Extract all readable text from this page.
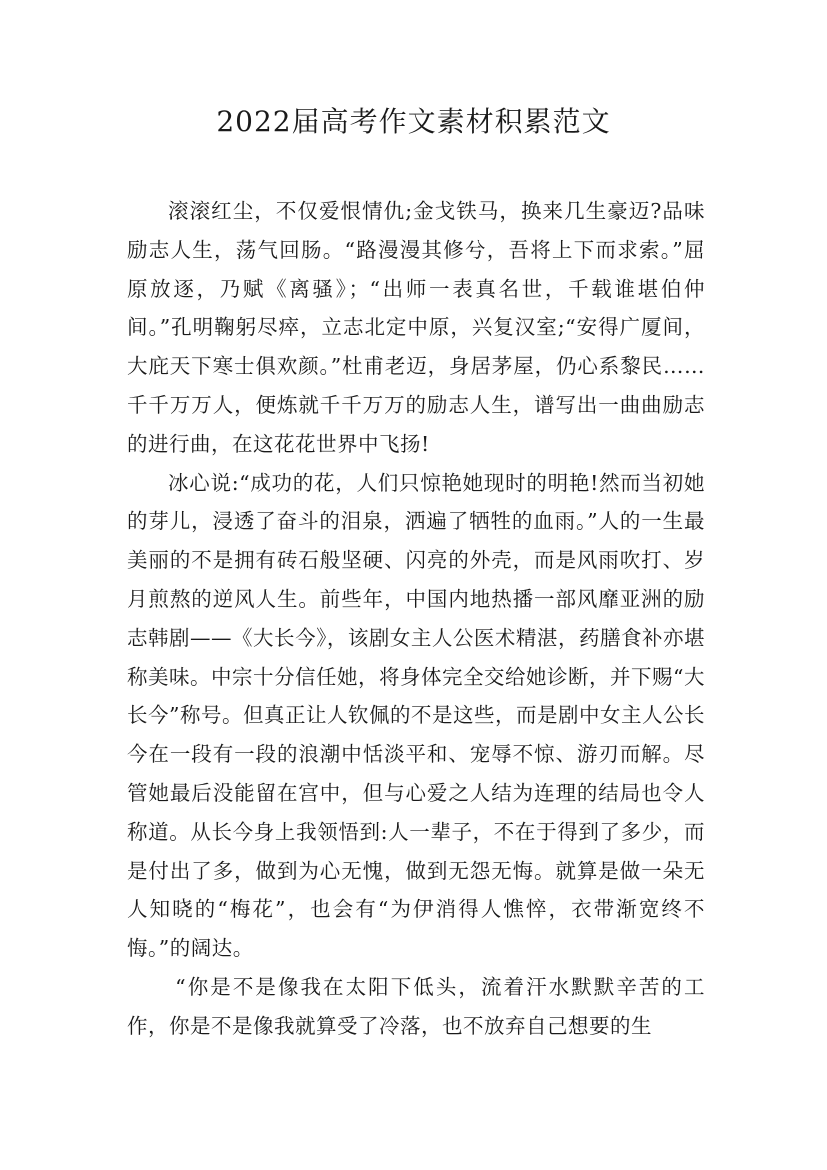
2022届高考作文素材积累范文

滚滚红尘，不仅爱恨情仇;金戈铁马，换来几生豪迈?品味励志人生，荡气回肠。“路漫漫其修兮，吾将上下而求索。”屈原放逐，乃赋《离骚》；“出师一表真名世，千载谁堪伯仲间。”孔明鞠躬尽瘁，立志北定中原，兴复汉室;“安得广厦间，大庇天下寒士俱欢颜。”杜甫老迈，身居茅屋，仍心系黎民……千千万万人，便炼就千千万万的励志人生，谱写出一曲曲励志的进行曲，在这花花世界中飞扬!

冰心说:“成功的花，人们只惊艳她现时的明艳!然而当初她的芽儿，浸透了奋斗的泪泉，洒遍了牺牲的血雨。”人的一生最美丽的不是拥有砖石般坚硬、闪亮的外壳，而是风雨吹打、岁月煎熬的逆风人生。前些年，中国内地热播一部风靡亚洲的励志韩剧——《大长今》，该剧女主人公医术精湛，药膳食补亦堪称美味。中宗十分信任她，将身体完全交给她诊断，并下赐“大长今”称号。但真正让人钦佩的不是这些，而是剧中女主人公长今在一段有一段的浪潮中恬淡平和、宠辱不惊、游刃而解。尽管她最后没能留在宫中，但与心爱之人结为连理的结局也令人称道。从长今身上我领悟到:人一辈子，不在于得到了多少，而是付出了多，做到为心无愧，做到无怨无悔。就算是做一朵无人知晓的“梅花”，也会有“为伊消得人憔悴，衣带渐宽终不悔。”的阔达。

“你是不是像我在太阳下低头，流着汗水默默辛苦的工作，你是不是像我就算受了冷落，也不放弃自己想要的生
